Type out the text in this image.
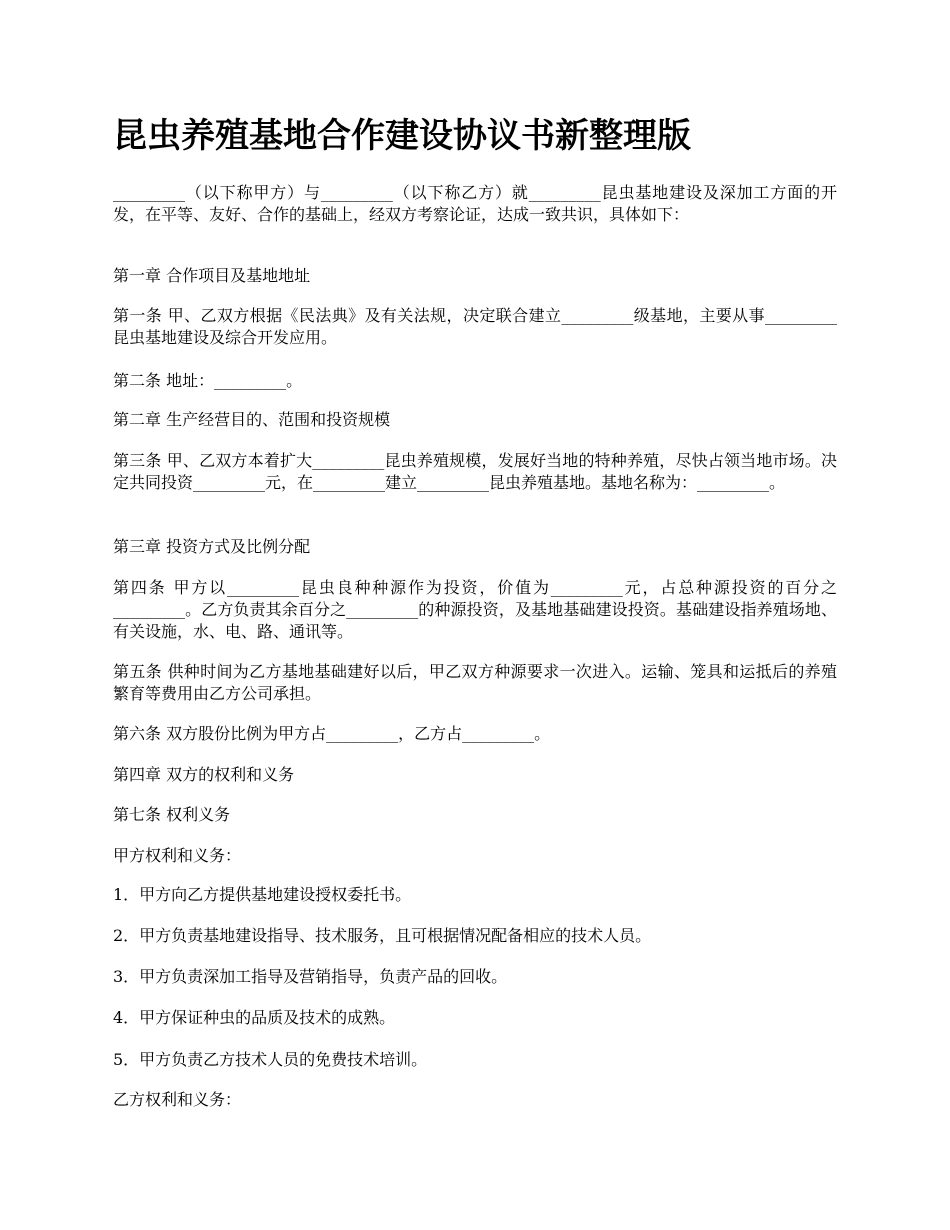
昆虫养殖基地合作建设协议书新整理版

_________（以下称甲方）与_________（以下称乙方）就_________昆虫基地建设及深加工方面的开发，在平等、友好、合作的基础上，经双方考察论证，达成一致共识，具体如下：

第一章 合作项目及基地地址

第一条 甲、乙双方根据《民法典》及有关法规，决定联合建立_________级基地，主要从事_________昆虫基地建设及综合开发应用。

第二条 地址：_________。

第二章 生产经营目的、范围和投资规模

第三条 甲、乙双方本着扩大_________昆虫养殖规模，发展好当地的特种养殖，尽快占领当地市场。决定共同投资_________元，在_________建立_________昆虫养殖基地。基地名称为：_________。

第三章 投资方式及比例分配

第四条 甲方以_________昆虫良种种源作为投资，价值为_________元，占总种源投资的百分之_________。乙方负责其余百分之_________的种源投资，及基地基础建设投资。基础建设指养殖场地、有关设施，水、电、路、通讯等。

第五条 供种时间为乙方基地基础建好以后，甲乙双方种源要求一次进入。运输、笼具和运抵后的养殖繁育等费用由乙方公司承担。

第六条 双方股份比例为甲方占_________，乙方占_________。

第四章 双方的权利和义务

第七条 权利义务

甲方权利和义务：

1．甲方向乙方提供基地建设授权委托书。

2．甲方负责基地建设指导、技术服务，且可根据情况配备相应的技术人员。

3．甲方负责深加工指导及营销指导，负责产品的回收。

4．甲方保证种虫的品质及技术的成熟。

5．甲方负责乙方技术人员的免费技术培训。

乙方权利和义务：
